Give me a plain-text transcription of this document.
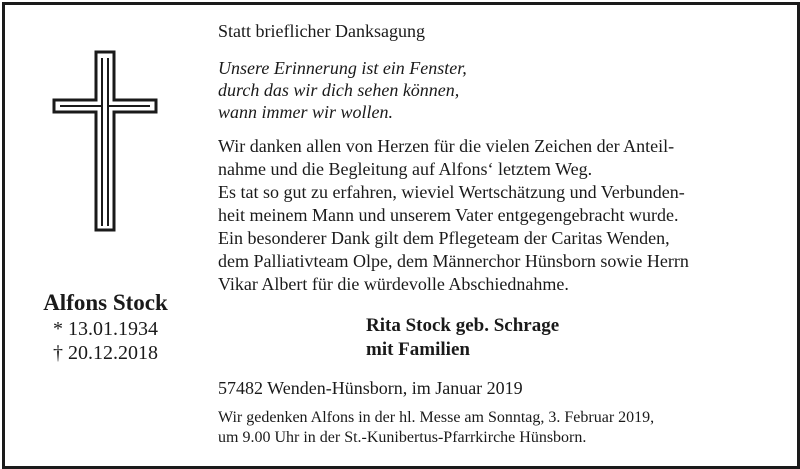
Alfons Stock
* 13.01.1934
† 20.12.2018
Statt brieflicher Danksagung
Unsere Erinnerung ist ein Fenster,
durch das wir dich sehen können,
wann immer wir wollen.
Wir danken allen von Herzen für die vielen Zeichen der Anteil-
nahme und die Begleitung auf Alfons‘ letztem Weg.
Es tat so gut zu erfahren, wieviel Wertschätzung und Verbunden-
heit meinem Mann und unserem Vater entgegengebracht wurde.
Ein besonderer Dank gilt dem Pflegeteam der Caritas Wenden,
dem Palliativteam Olpe, dem Männerchor Hünsborn sowie Herrn
Vikar Albert für die würdevolle Abschiednahme.
Rita Stock geb. Schrage
mit Familien
57482 Wenden-Hünsborn, im Januar 2019
Wir gedenken Alfons in der hl. Messe am Sonntag, 3. Februar 2019,
um 9.00 Uhr in der St.-Kunibertus-Pfarrkirche Hünsborn.
